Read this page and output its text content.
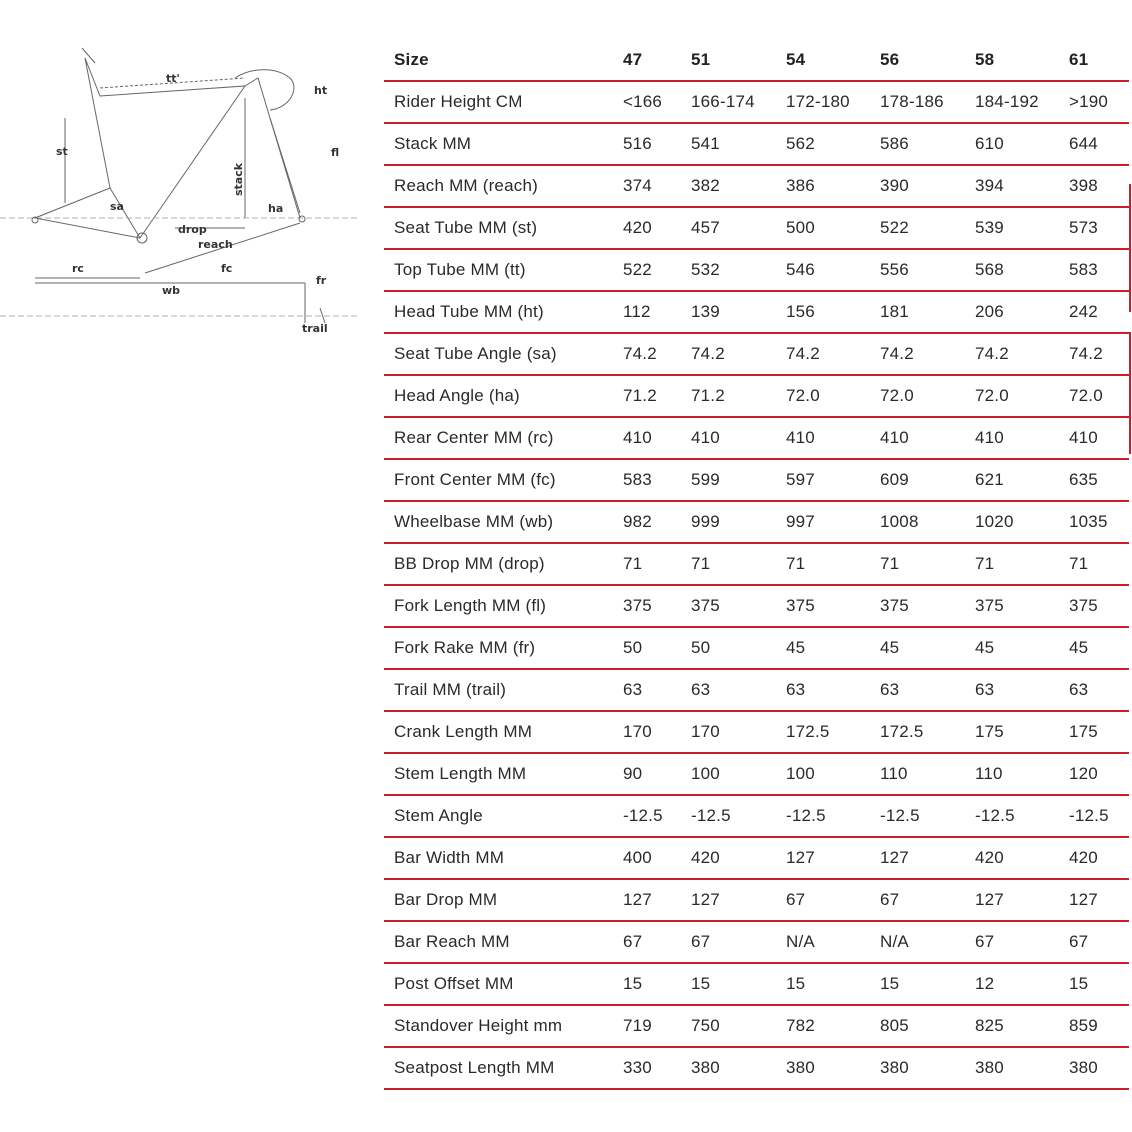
tt'
ht
st	fl
stack
sa	ha
drop
reach
rc	fc
fr
wb
trail
Size	47	51	54	56	58	61
Rider Height CM	<166	166-174	172-180	178-186	184-192	>190
Stack MM	516	541	562	586	610	644
Reach MM (reach)	374	382	386	390	394	398
Seat Tube MM (st)	420	457	500	522	539	573
Top Tube MM (tt)	522	532	546	556	568	583
Head Tube MM (ht)	112	139	156	181	206	242
Seat Tube Angle (sa)	74.2	74.2	74.2	74.2	74.2	74.2
Head Angle (ha)	71.2	71.2	72.0	72.0	72.0	72.0
Rear Center MM (rc)	410	410	410	410	410	410
Front Center MM (fc)	583	599	597	609	621	635
Wheelbase MM (wb)	982	999	997	1008	1020	1035
BB Drop MM (drop)	71	71	71	71	71	71
Fork Length MM (fl)	375	375	375	375	375	375
Fork Rake MM (fr)	50	50	45	45	45	45
Trail MM (trail)	63	63	63	63	63	63
Crank Length MM	170	170	172.5	172.5	175	175
Stem Length MM	90	100	100	110	110	120
Stem Angle	-12.5	-12.5	-12.5	-12.5	-12.5	-12.5
Bar Width MM	400	420	127	127	420	420
Bar Drop MM	127	127	67	67	127	127
Bar Reach MM	67	67	N/A	N/A	67	67
Post Offset MM	15	15	15	15	12	15
Standover Height mm	719	750	782	805	825	859
Seatpost Length MM	330	380	380	380	380	380
